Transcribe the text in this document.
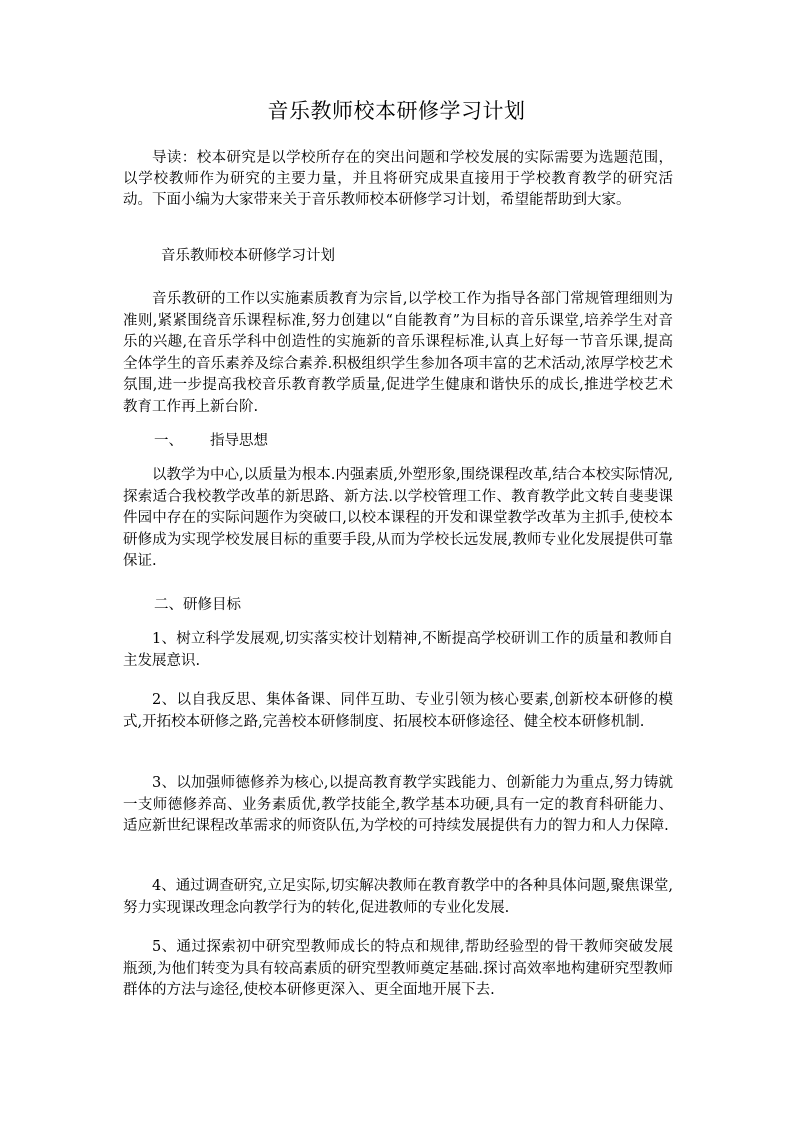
音乐教师校本研修学习计划
导读：校本研究是以学校所存在的突出问题和学校发展的实际需要为选题范围，以学校教师作为研究的主要力量，并且将研究成果直接用于学校教育教学的研究活动。下面小编为大家带来关于音乐教师校本研修学习计划，希望能帮助到大家。
音乐教师校本研修学习计划
音乐教研的工作以实施素质教育为宗旨,以学校工作为指导各部门常规管理细则为准则,紧紧围绕音乐课程标准,努力创建以“自能教育”为目标的音乐课堂,培养学生对音乐的兴趣,在音乐学科中创造性的实施新的音乐课程标准,认真上好每一节音乐课,提高全体学生的音乐素养及综合素养.积极组织学生参加各项丰富的艺术活动,浓厚学校艺术氛围,进一步提高我校音乐教育教学质量,促进学生健康和谐快乐的成长,推进学校艺术教育工作再上新台阶.
一、 指导思想
以教学为中心,以质量为根本.内强素质,外塑形象,围绕课程改革,结合本校实际情况,探索适合我校教学改革的新思路、新方法.以学校管理工作、教育教学此文转自斐斐课件园中存在的实际问题作为突破口,以校本课程的开发和课堂教学改革为主抓手,使校本研修成为实现学校发展目标的重要手段,从而为学校长远发展,教师专业化发展提供可靠保证.
二、研修目标
1、树立科学发展观,切实落实校计划精神,不断提高学校研训工作的质量和教师自主发展意识.
2、以自我反思、集体备课、同伴互助、专业引领为核心要素,创新校本研修的模式,开拓校本研修之路,完善校本研修制度、拓展校本研修途径、健全校本研修机制.
3、以加强师德修养为核心,以提高教育教学实践能力、创新能力为重点,努力铸就一支师德修养高、业务素质优,教学技能全,教学基本功硬,具有一定的教育科研能力、适应新世纪课程改革需求的师资队伍,为学校的可持续发展提供有力的智力和人力保障.
4、通过调查研究,立足实际,切实解决教师在教育教学中的各种具体问题,聚焦课堂,努力实现课改理念向教学行为的转化,促进教师的专业化发展.
5、通过探索初中研究型教师成长的特点和规律,帮助经验型的骨干教师突破发展瓶颈,为他们转变为具有较高素质的研究型教师奠定基础.探讨高效率地构建研究型教师群体的方法与途径,使校本研修更深入、更全面地开展下去.
